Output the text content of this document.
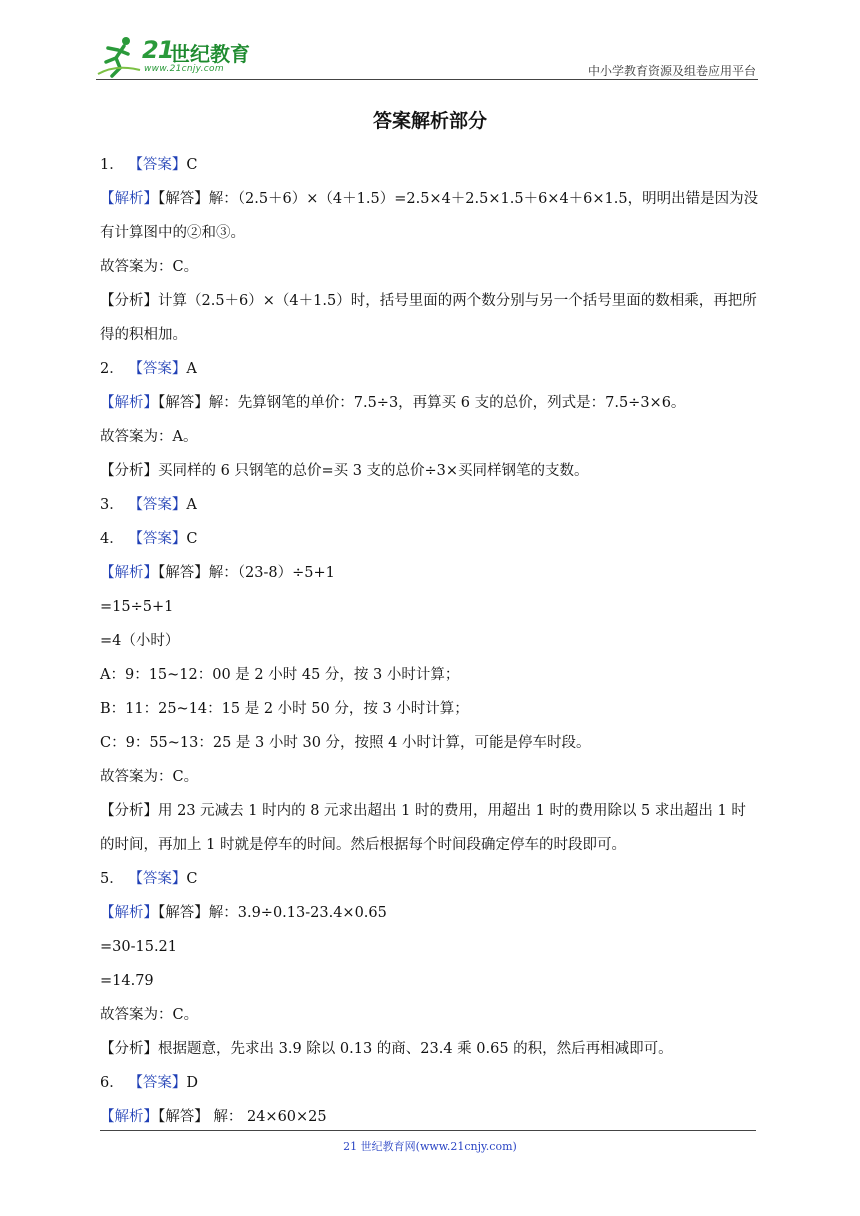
21
世纪教育
www.21cnjy.com	中小学教育资源及组卷应用平台
答案解析部分

1． 【答案】C

【解析】【解答】解：（2.5＋6）×（4＋1.5）=2.5×4＋2.5×1.5＋6×4＋6×1.5，明明出错是因为没有计算图中的②和③。

故答案为：C。

【分析】计算（2.5＋6）×（4＋1.5）时，括号里面的两个数分别与另一个括号里面的数相乘，再把所得的积相加。

2． 【答案】A

【解析】【解答】解：先算钢笔的单价：7.5÷3，再算买 6 支的总价，列式是：7.5÷3×6。

故答案为：A。

【分析】买同样的 6 只钢笔的总价=买 3 支的总价÷3×买同样钢笔的支数。

3． 【答案】A

4． 【答案】C

【解析】【解答】解：（23-8）÷5+1

=15÷5+1

=4（小时）

A：9：15~12：00 是 2 小时 45 分，按 3 小时计算；

B：11：25~14：15 是 2 小时 50 分，按 3 小时计算；

C：9：55~13：25 是 3 小时 30 分，按照 4 小时计算，可能是停车时段。

故答案为：C。

【分析】用 23 元减去 1 时内的 8 元求出超出 1 时的费用，用超出 1 时的费用除以 5 求出超出 1 时的时间，再加上 1 时就是停车的时间。然后根据每个时间段确定停车的时段即可。

5． 【答案】C

【解析】【解答】解：3.9÷0.13-23.4×0.65

=30-15.21

=14.79

故答案为：C。

【分析】根据题意，先求出 3.9 除以 0.13 的商、23.4 乘 0.65 的积，然后再相减即可。

6． 【答案】D

【解析】【解答】 解： 24×60×25

21 世纪教育网(www.21cnjy.com)
